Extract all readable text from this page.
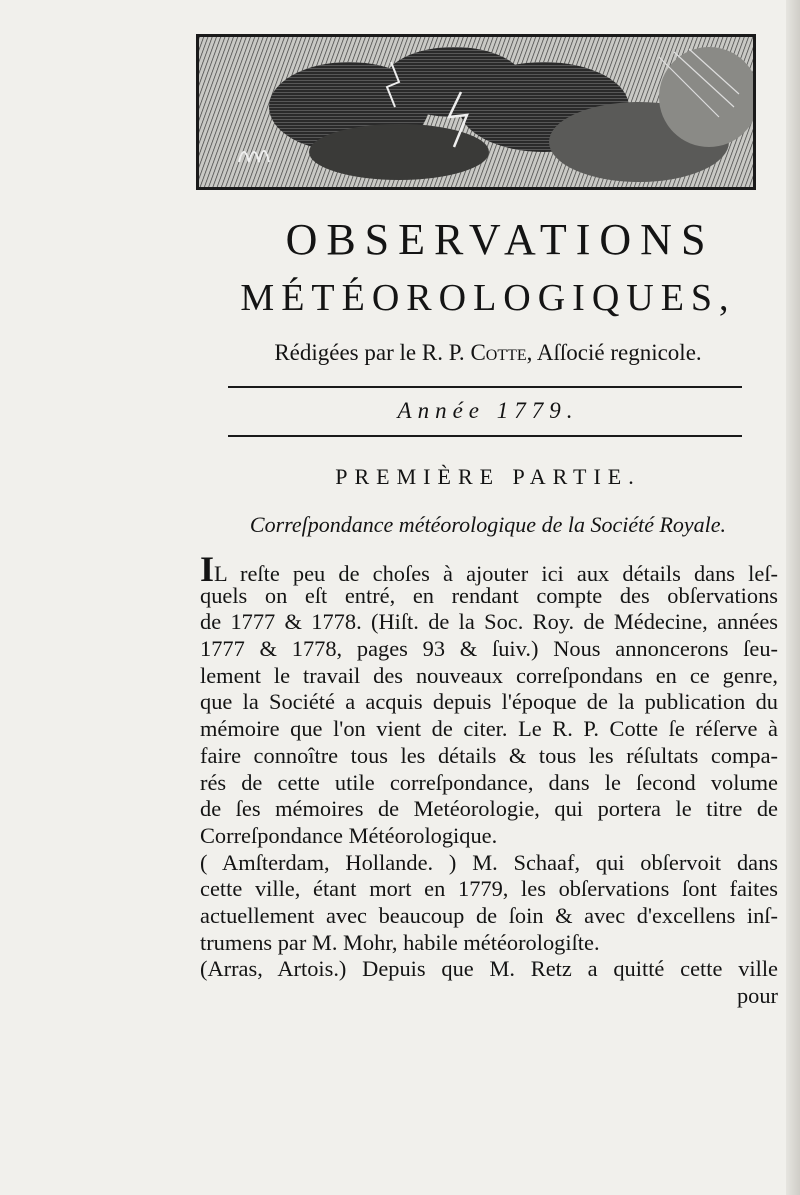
OBSERVATIONS
MÉTÉOROLOGIQUES,
Rédigées par le R. P. Cotte, Aſſocié regnicole.
Année 1779.
PREMIÈRE PARTIE.
Correſpondance météorologique de la Société Royale.
IL reſte peu de choſes à ajouter ici aux détails dans leſ-
quels on eſt entré, en rendant compte des obſervations
de 1777 & 1778. (Hiſt. de la Soc. Roy. de Médecine, années
1777 & 1778, pages 93 & ſuiv.) Nous annoncerons ſeu-
lement le travail des nouveaux correſpondans en ce genre,
que la Société a acquis depuis l'époque de la publication du
mémoire que l'on vient de citer. Le R. P. Cotte ſe réſerve à
faire connoître tous les détails & tous les réſultats compa-
rés de cette utile correſpondance, dans le ſecond volume
de ſes mémoires de Metéorologie, qui portera le titre de
Correſpondance Météorologique.
( Amſterdam, Hollande. ) M. Schaaf, qui obſervoit dans
cette ville, étant mort en 1779, les obſervations ſont faites
actuellement avec beaucoup de ſoin & avec d'excellens inſ-
trumens par M. Mohr, habile météorologiſte.
(Arras, Artois.) Depuis que M. Retz a quitté cette ville
pour
